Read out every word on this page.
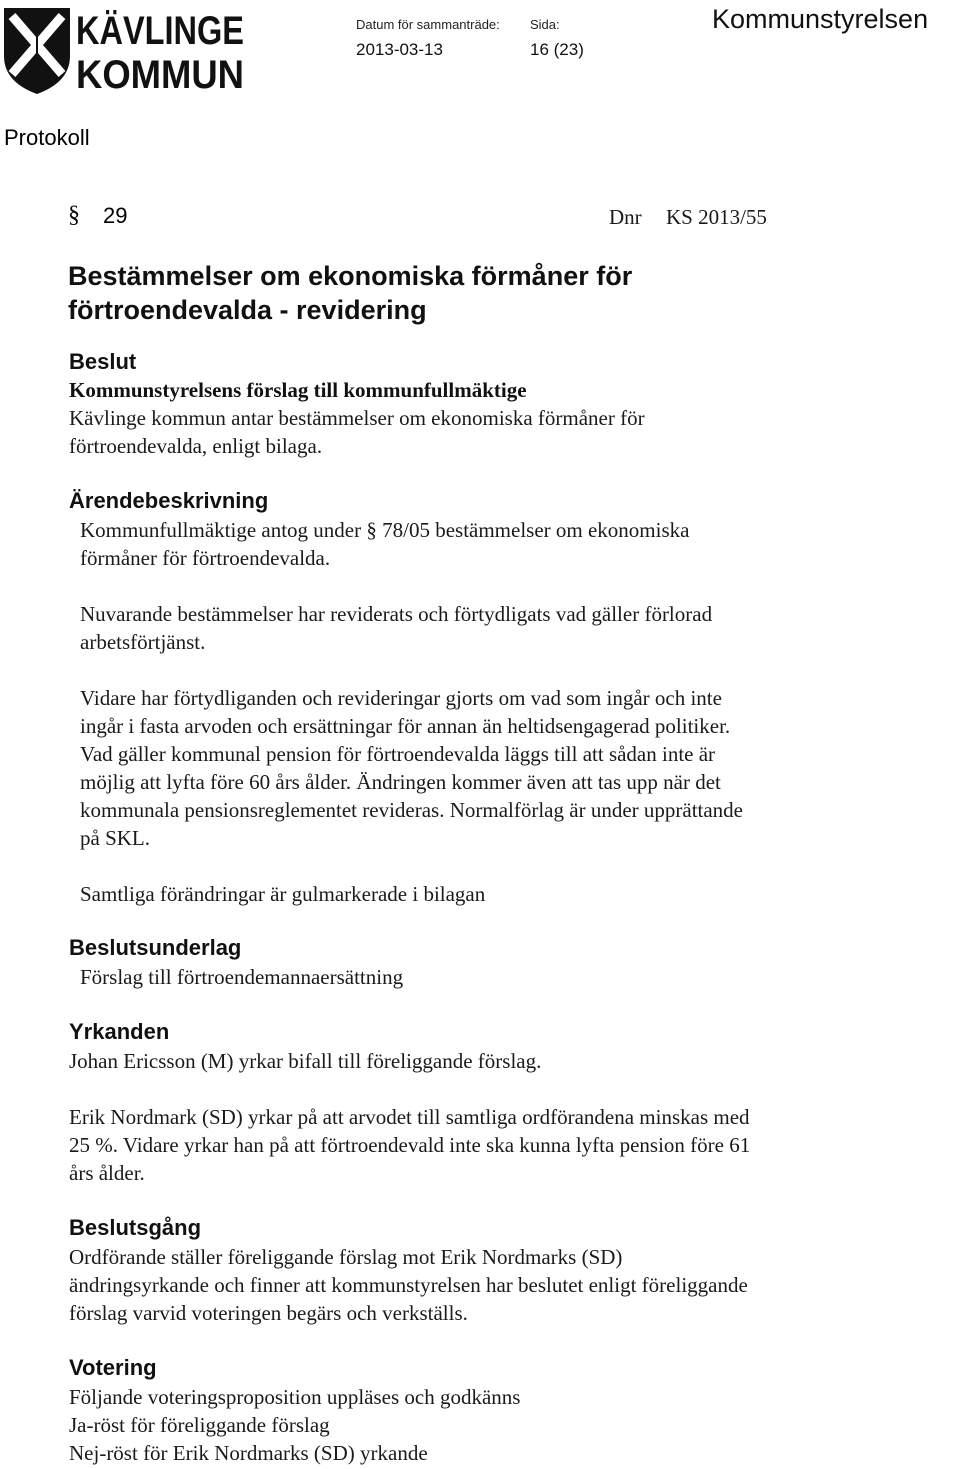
KÄVLINGE
KOMMUN
Datum för sammanträde: Sida:
2013-03-13	16 (23)
Kommunstyrelsen
Protokoll
§ 29	Dnr KS 2013/55
Bestämmelser om ekonomiska förmåner för
förtroendevalda - revidering
Beslut
Kommunstyrelsens förslag till kommunfullmäktige
Kävlinge kommun antar bestämmelser om ekonomiska förmåner för
förtroendevalda, enligt bilaga.
Ärendebeskrivning
Kommunfullmäktige antog under § 78/05 bestämmelser om ekonomiska
förmåner för förtroendevalda.
Nuvarande bestämmelser har reviderats och förtydligats vad gäller förlorad
arbetsförtjänst.
Vidare har förtydliganden och revideringar gjorts om vad som ingår och inte
ingår i fasta arvoden och ersättningar för annan än heltidsengagerad politiker.
Vad gäller kommunal pension för förtroendevalda läggs till att sådan inte är
möjlig att lyfta före 60 års ålder. Ändringen kommer även att tas upp när det
kommunala pensionsreglementet revideras. Normalförlag är under upprättande
på SKL.
Samtliga förändringar är gulmarkerade i bilagan
Beslutsunderlag
Förslag till förtroendemannaersättning
Yrkanden
Johan Ericsson (M) yrkar bifall till föreliggande förslag.
Erik Nordmark (SD) yrkar på att arvodet till samtliga ordförandena minskas med
25 %. Vidare yrkar han på att förtroendevald inte ska kunna lyfta pension före 61
års ålder.
Beslutsgång
Ordförande ställer föreliggande förslag mot Erik Nordmarks (SD)
ändringsyrkande och finner att kommunstyrelsen har beslutet enligt föreliggande
förslag varvid voteringen begärs och verkställs.
Votering
Följande voteringsproposition uppläses och godkänns
Ja-röst för föreliggande förslag
Nej-röst för Erik Nordmarks (SD) yrkande
